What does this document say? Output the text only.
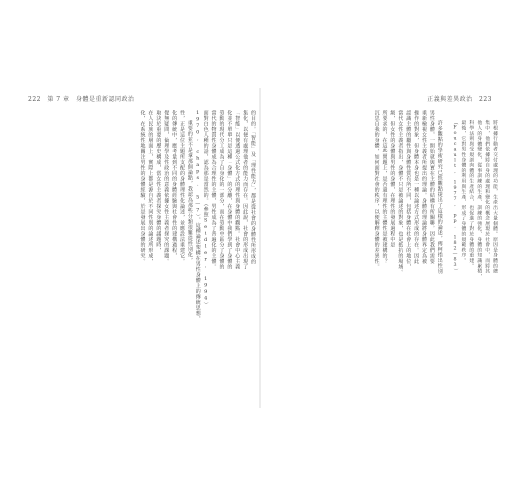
222 第 7 章 身體是重新認同政治
的目的。「智能」及「理性能力」，都是從社會的身體性所形成的
集化，以便有處理他者的能力而存在。因此說，社會的形成出現了
「智能」以便透過公式化方式的理性與身體的觀點。社會中心主義
化並不單單只是這種「身體」的分離，在身體中我們學到了身體的
勞動的現代分工成為了自身化的一部分，而在勞動中區分了身體的
當代的物質性身體成為合理性的主體，男性成為了普遍化的主體。
面對白色人種的話，認為那是當然的。（參照Seidler, 1994）
1970, chaps. 5—7）。這種論述架構在男性身體上的傳統思想，
重要的並不是拿那個論點，我認為那些分類很難從性別化，
性，正是這位主題所支配的身體理性化論述，並應設法重建它。
化的傳統中，應考量到不同的身體經驗與社會性的建構過程，
覺無疑問，倫理學及性政治的意義依據女性主義者探究的課題。
取決於重要的歷史構成，當女性主義者探究身體的議題時，
在人民族的層面上，實際上都是源自於不同性別的論述所形成，
化，在系統性地關注男性的身體經驗，於是發展出身體的研究。
正義與差異政治 223
將根據行動者交付處理的功能，生產出大量個體。原因是身體的總
集中，他們依據將自身的處理和變化的概念展現於社會中，而將其
他人的身體變化，從事訓練的生產、訓練的強化、身體的知識累積，
科學法則與受規訓肉體的生產結合，也促進了對於身體的重建。
最後，它對男性身體的利用與生產，形成了身體的規範秩序。
（Foucault, 1977, pp. 182—83）
許多觀點的學術研究已經觀點提出了這樣的論述，傅柯指出性別
男性身體，一開始就與實在主體的結構有所關聯。因此我們需要
重新檢視女性主義者所提出的理論。身體的理論將身體界定為被
操作的對象，但身體本身也是一種以論述方式形成的存在。因此
認識主體的屬性與身體性質有所不同，包括身體在社會上的地位，
當代女性主義者指出，身體不只是被論述的對象，也是抵抗的場域。
級，但女性的身體與男性的身體，在理性的發展過程中是
所要求的，在這些問題上，是否還有理性的主體性是被建構的？
沉思自我的身體，如何面對社會的秩序，以便解釋身體的差異性。
